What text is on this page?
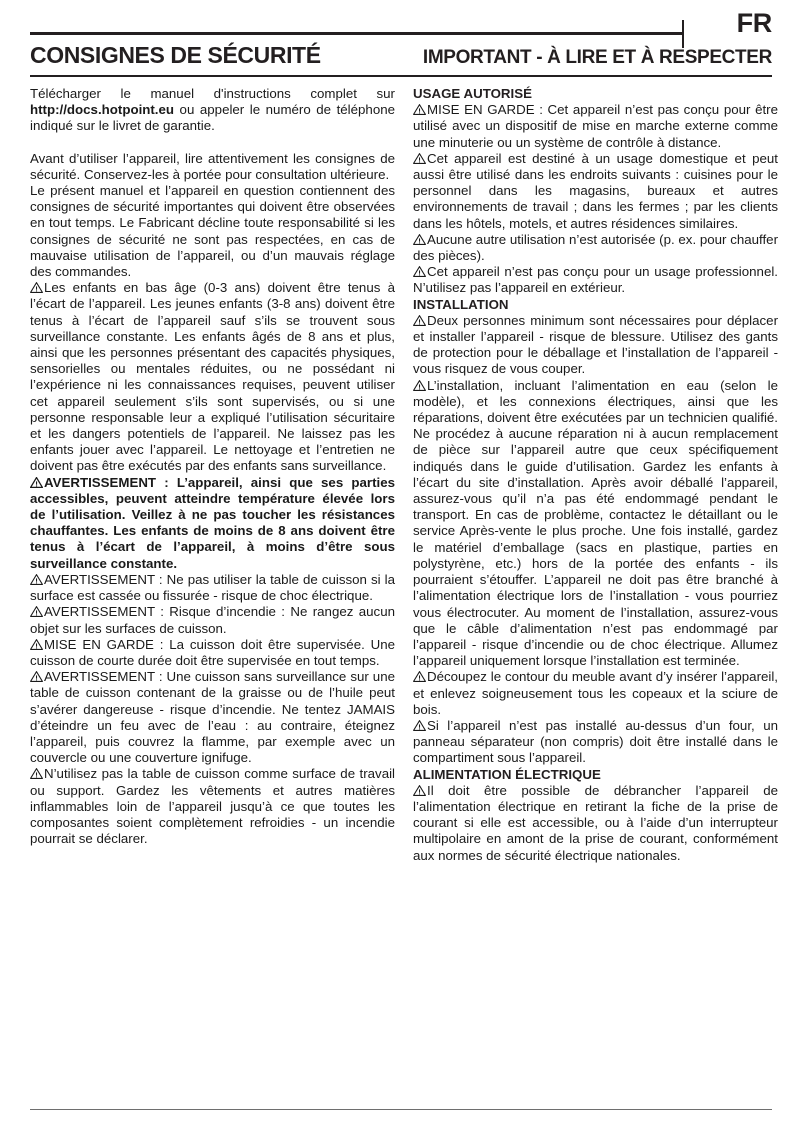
FR
CONSIGNES DE SÉCURITÉ	IMPORTANT - À LIRE ET À RESPECTER

Télécharger le manuel d'instructions complet sur http://docs.hotpoint.eu ou appeler le numéro de téléphone indiqué sur le livret de garantie.

Avant d’utiliser l’appareil, lire attentivement les consignes de sécurité. Conservez-les à portée pour consultation ultérieure.

Le présent manuel et l’appareil en question contiennent des consignes de sécurité importantes qui doivent être observées en tout temps. Le Fabricant décline toute responsabilité si les consignes de sécurité ne sont pas respectées, en cas de mauvaise utilisation de l’appareil, ou d’un mauvais réglage des commandes.

Les enfants en bas âge (0-3 ans) doivent être tenus à l’écart de l’appareil. Les jeunes enfants (3-8 ans) doivent être tenus à l’écart de l’appareil sauf s’ils se trouvent sous surveillance constante. Les enfants âgés de 8 ans et plus, ainsi que les personnes présentant des capacités physiques, sensorielles ou mentales réduites, ou ne possédant ni l’expérience ni les connaissances requises, peuvent utiliser cet appareil seulement s’ils sont supervisés, ou si une personne responsable leur a expliqué l’utilisation sécuritaire et les dangers potentiels de l’appareil. Ne laissez pas les enfants jouer avec l’appareil. Le nettoyage et l’entretien ne doivent pas être exécutés par des enfants sans surveillance.

AVERTISSEMENT : L’appareil, ainsi que ses parties accessibles, peuvent atteindre température élevée lors de l’utilisation. Veillez à ne pas toucher les résistances chauffantes. Les enfants de moins de 8 ans doivent être tenus à l’écart de l’appareil, à moins d’être sous surveillance constante.

AVERTISSEMENT : Ne pas utiliser la table de cuisson si la surface est cassée ou fissurée - risque de choc électrique.

AVERTISSEMENT : Risque d’incendie : Ne rangez aucun objet sur les surfaces de cuisson.

MISE EN GARDE : La cuisson doit être supervisée. Une cuisson de courte durée doit être supervisée en tout temps.

AVERTISSEMENT : Une cuisson sans surveillance sur une table de cuisson contenant de la graisse ou de l’huile peut s’avérer dangereuse - risque d’incendie. Ne tentez JAMAIS d’éteindre un feu avec de l’eau : au contraire, éteignez l’appareil, puis couvrez la flamme, par exemple avec un couvercle ou une couverture ignifuge.

N’utilisez pas la table de cuisson comme surface de travail ou support. Gardez les vêtements et autres matières inflammables loin de l’appareil jusqu’à ce que toutes les composantes soient complètement refroidies - un incendie pourrait se déclarer.

USAGE AUTORISÉ

MISE EN GARDE : Cet appareil n’est pas conçu pour être utilisé avec un dispositif de mise en marche externe comme une minuterie ou un système de contrôle à distance.

Cet appareil est destiné à un usage domestique et peut aussi être utilisé dans les endroits suivants : cuisines pour le personnel dans les magasins, bureaux et autres environnements de travail ; dans les fermes ; par les clients dans les hôtels, motels, et autres résidences similaires.

Aucune autre utilisation n’est autorisée (p. ex. pour chauffer des pièces).

Cet appareil n’est pas conçu pour un usage professionnel. N’utilisez pas l’appareil en extérieur.

INSTALLATION

Deux personnes minimum sont nécessaires pour déplacer et installer l’appareil - risque de blessure. Utilisez des gants de protection pour le déballage et l’installation de l’appareil - vous risquez de vous couper.

L’installation, incluant l’alimentation en eau (selon le modèle), et les connexions électriques, ainsi que les réparations, doivent être exécutées par un technicien qualifié. Ne procédez à aucune réparation ni à aucun remplacement de pièce sur l’appareil autre que ceux spécifiquement indiqués dans le guide d’utilisation. Gardez les enfants à l’écart du site d’installation. Après avoir déballé l’appareil, assurez-vous qu’il n’a pas été endommagé pendant le transport. En cas de problème, contactez le détaillant ou le service Après-vente le plus proche. Une fois installé, gardez le matériel d’emballage (sacs en plastique, parties en polystyrène, etc.) hors de la portée des enfants - ils pourraient s’étouffer. L’appareil ne doit pas être branché à l’alimentation électrique lors de l’installation - vous pourriez vous électrocuter. Au moment de l’installation, assurez-vous que le câble d’alimentation n’est pas endommagé par l’appareil - risque d’incendie ou de choc électrique. Allumez l’appareil uniquement lorsque l’installation est terminée.

Découpez le contour du meuble avant d’y insérer l’appareil, et enlevez soigneusement tous les copeaux et la sciure de bois.

Si l’appareil n’est pas installé au-dessus d’un four, un panneau séparateur (non compris) doit être installé dans le compartiment sous l’appareil.

ALIMENTATION ÉLECTRIQUE

Il doit être possible de débrancher l’appareil de l’alimentation électrique en retirant la fiche de la prise de courant si elle est accessible, ou à l’aide d’un interrupteur multipolaire en amont de la prise de courant, conformément aux normes de sécurité électrique nationales.
